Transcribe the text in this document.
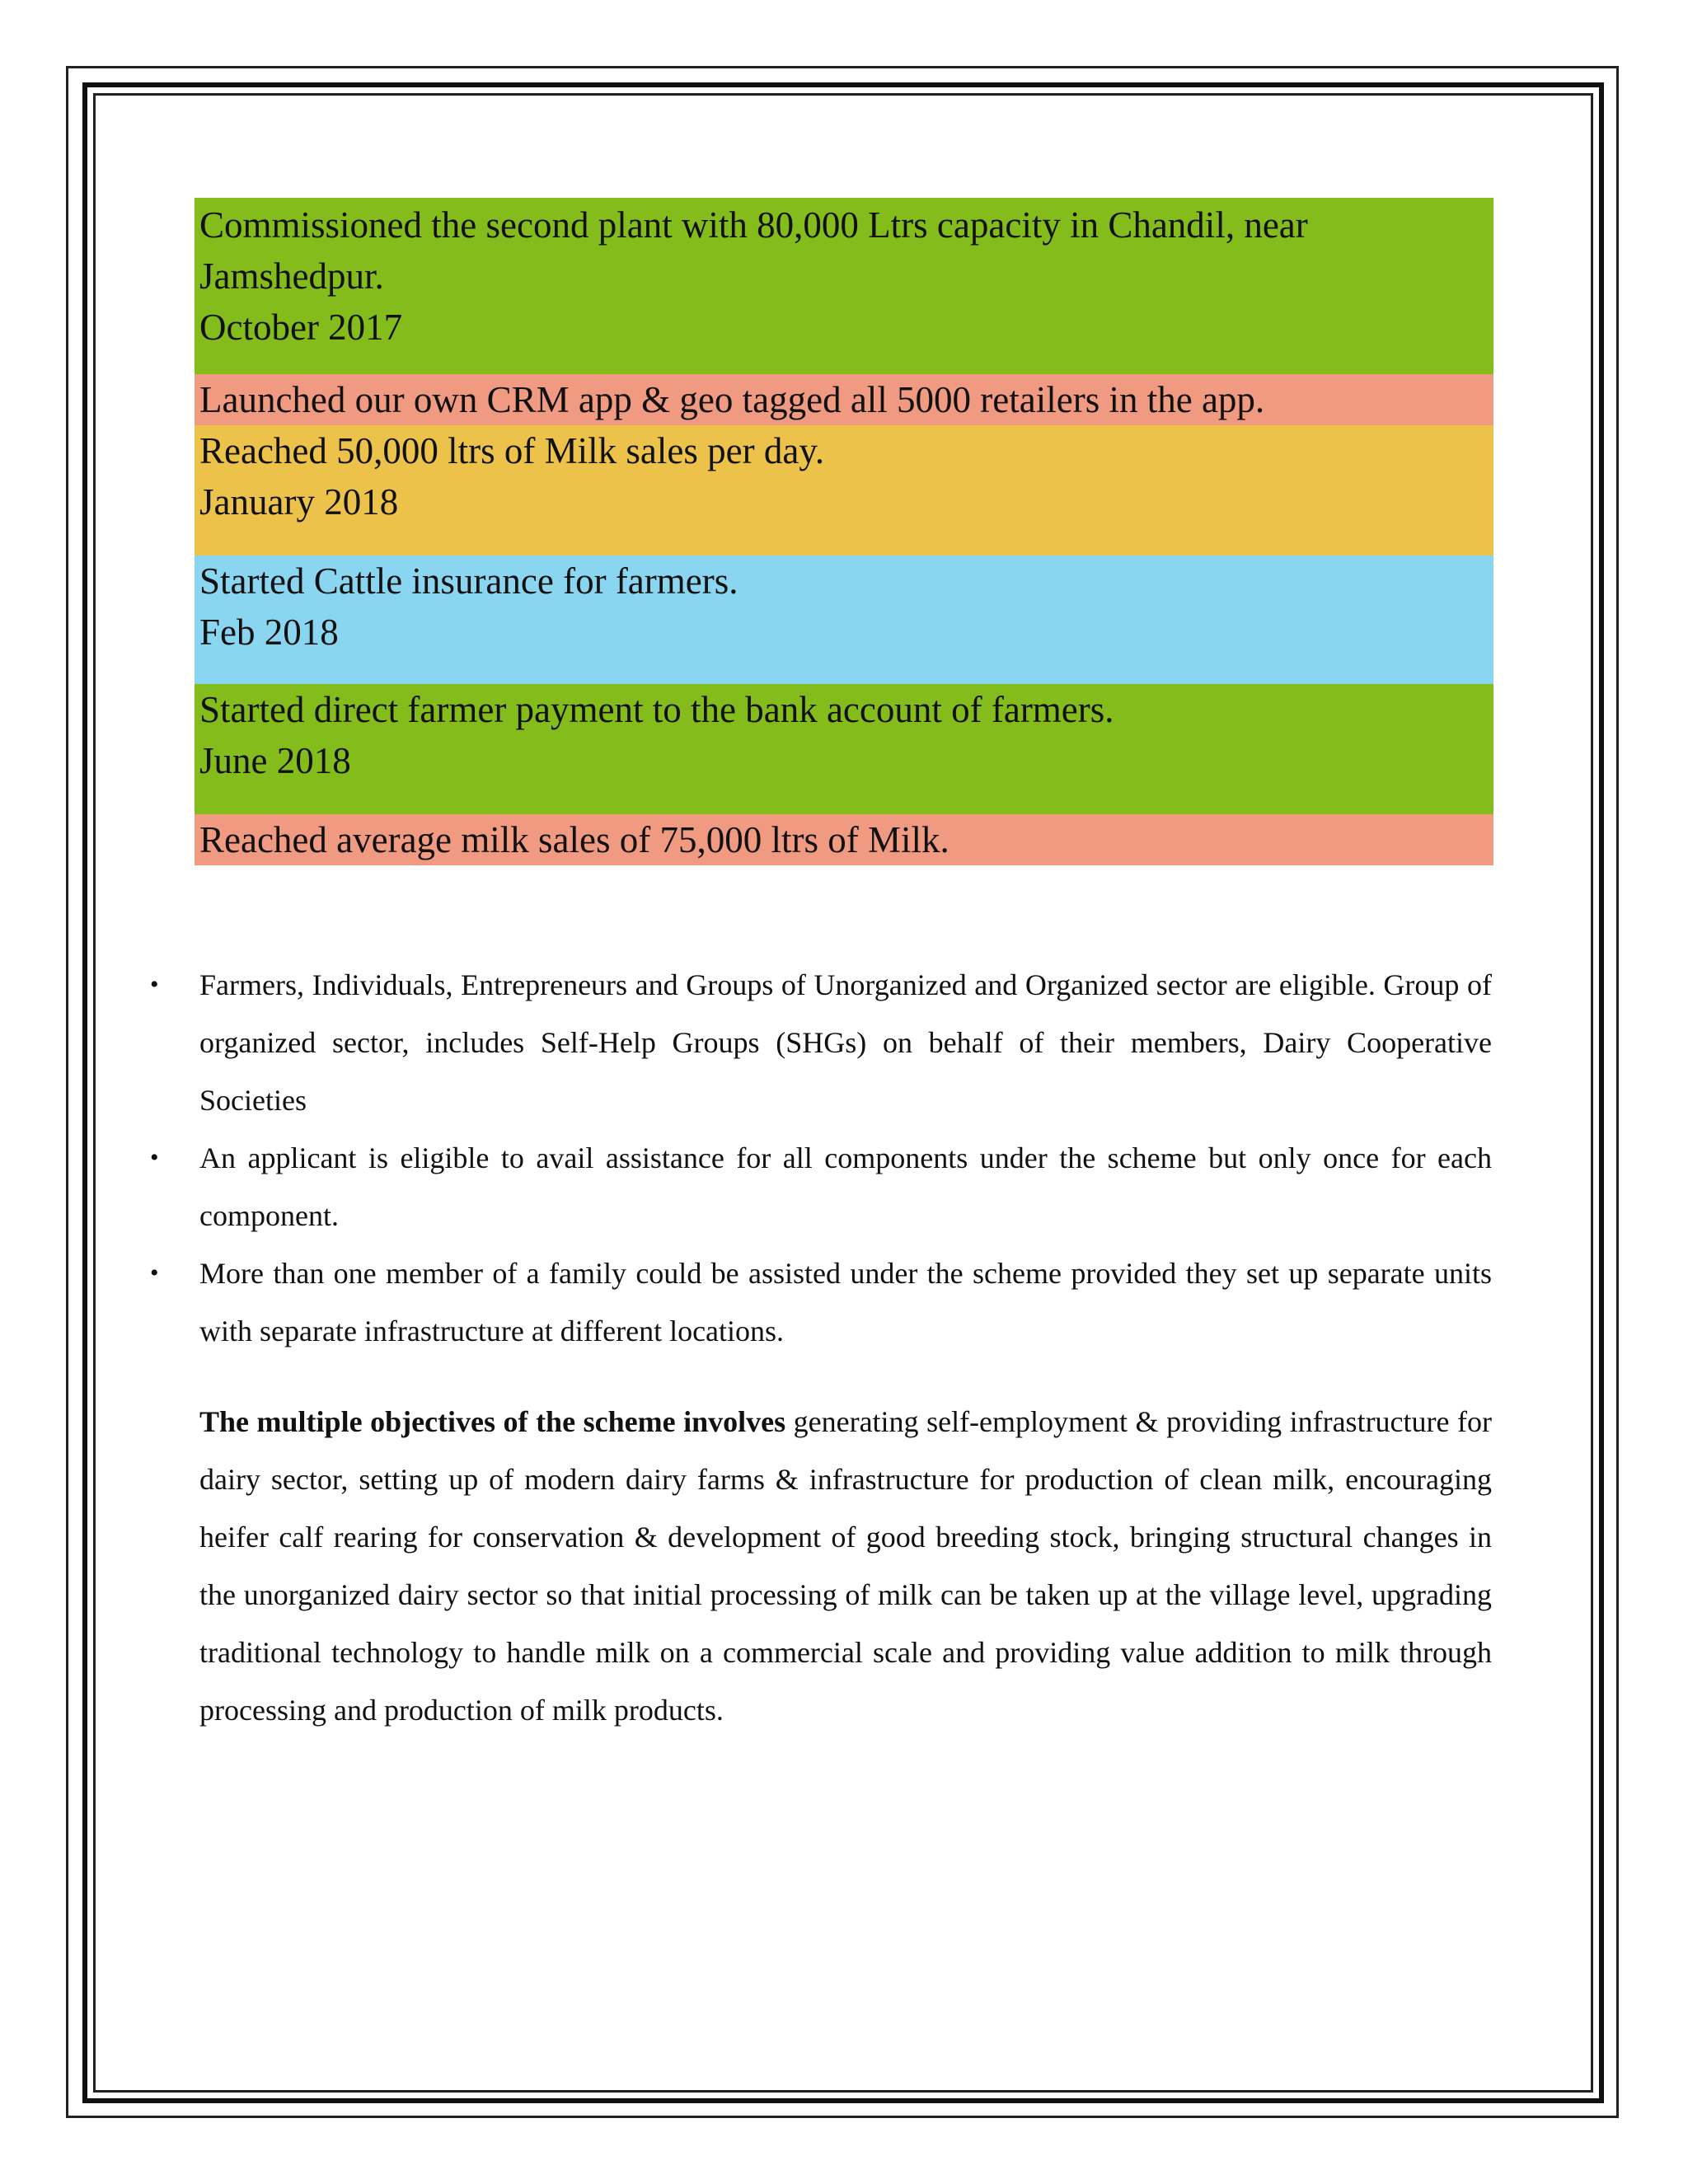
Commissioned the second plant with 80,000 Ltrs capacity in Chandil, near
Jamshedpur.
October 2017
Launched our own CRM app & geo tagged all 5000 retailers in the app.
Reached 50,000 ltrs of Milk sales per day.
January 2018
Started Cattle insurance for farmers.
Feb 2018
Started direct farmer payment to the bank account of farmers.
June 2018
Reached average milk sales of 75,000 ltrs of Milk.
• Farmers, Individuals, Entrepreneurs and Groups of Unorganized and Organized sector are eligible. Group of organized sector, includes Self-Help Groups (SHGs) on behalf of their members, Dairy Cooperative Societies
• An applicant is eligible to avail assistance for all components under the scheme but only once for each component.
• More than one member of a family could be assisted under the scheme provided they set up separate units with separate infrastructure at different locations.

The multiple objectives of the scheme involves generating self-employment & providing infrastructure for dairy sector, setting up of modern dairy farms & infrastructure for production of clean milk, encouraging heifer calf rearing for conservation & development of good breeding stock, bringing structural changes in the unorganized dairy sector so that initial processing of milk can be taken up at the village level, upgrading traditional technology to handle milk on a commercial scale and providing value addition to milk through processing and production of milk products.
